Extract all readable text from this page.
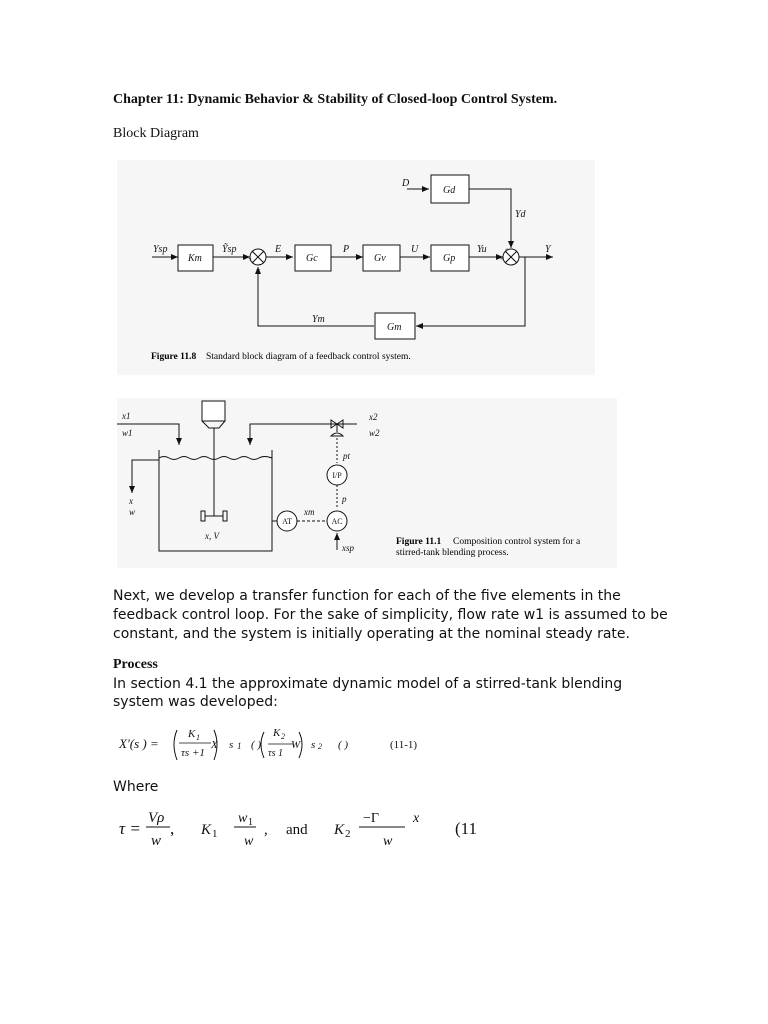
Chapter 11: Dynamic Behavior & Stability of Closed-loop Control System.
Block Diagram
+
−
+
+
Km	Gc	Gv	Gp
Gd
Gm
Ysp	Ỹsp	E	P	U	Yu	Y
D
Yd
Ym
Figure 11.8 Standard block diagram of a feedback control system.
x1
w1
x2
w2
x
w
x, V
pt
p
xm
xsp
I/P
AC
AT
Figure 11.1 Composition control system for a
stirred-tank blending process.
Next, we develop a transfer function for each of the five elements in the feedback control loop. For the sake of simplicity, flow rate w1 is assumed to be constant, and the system is initially operating at the nominal steady rate.
Process
In section 4.1 the approximate dynamic model of a stirred-tank blending system was developed:
X′(s ) =
K 1
τs +1
X s 1 ( )
K 2
τs 1
W s 2 ( )	(11-1)
Where
τ =
Vρ
w
, K 1
w 1
w
, and K 2
−Γ
w
x
(11
